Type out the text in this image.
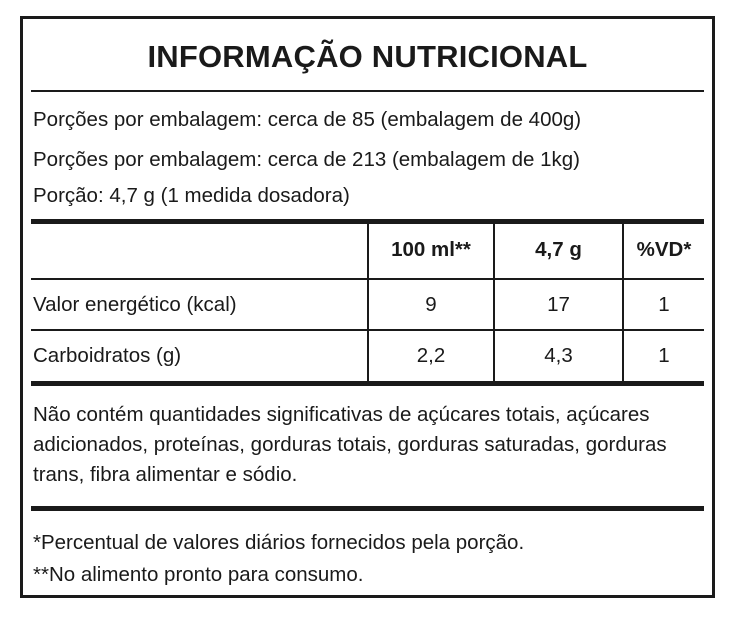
INFORMAÇÃO NUTRICIONAL
Porções por embalagem: cerca de 85 (embalagem de 400g)
Porções por embalagem: cerca de 213 (embalagem de 1kg)
Porção: 4,7 g (1 medida dosadora)
	100 ml**	4,7 g	%VD*
Valor energético (kcal)	9	17	1
Carboidratos (g)	2,2	4,3	1
Não contém quantidades significativas de açúcares totais, açúcares adicionados, proteínas, gorduras totais, gorduras saturadas, gorduras trans, fibra alimentar e sódio.
*Percentual de valores diários fornecidos pela porção.
**No alimento pronto para consumo.
